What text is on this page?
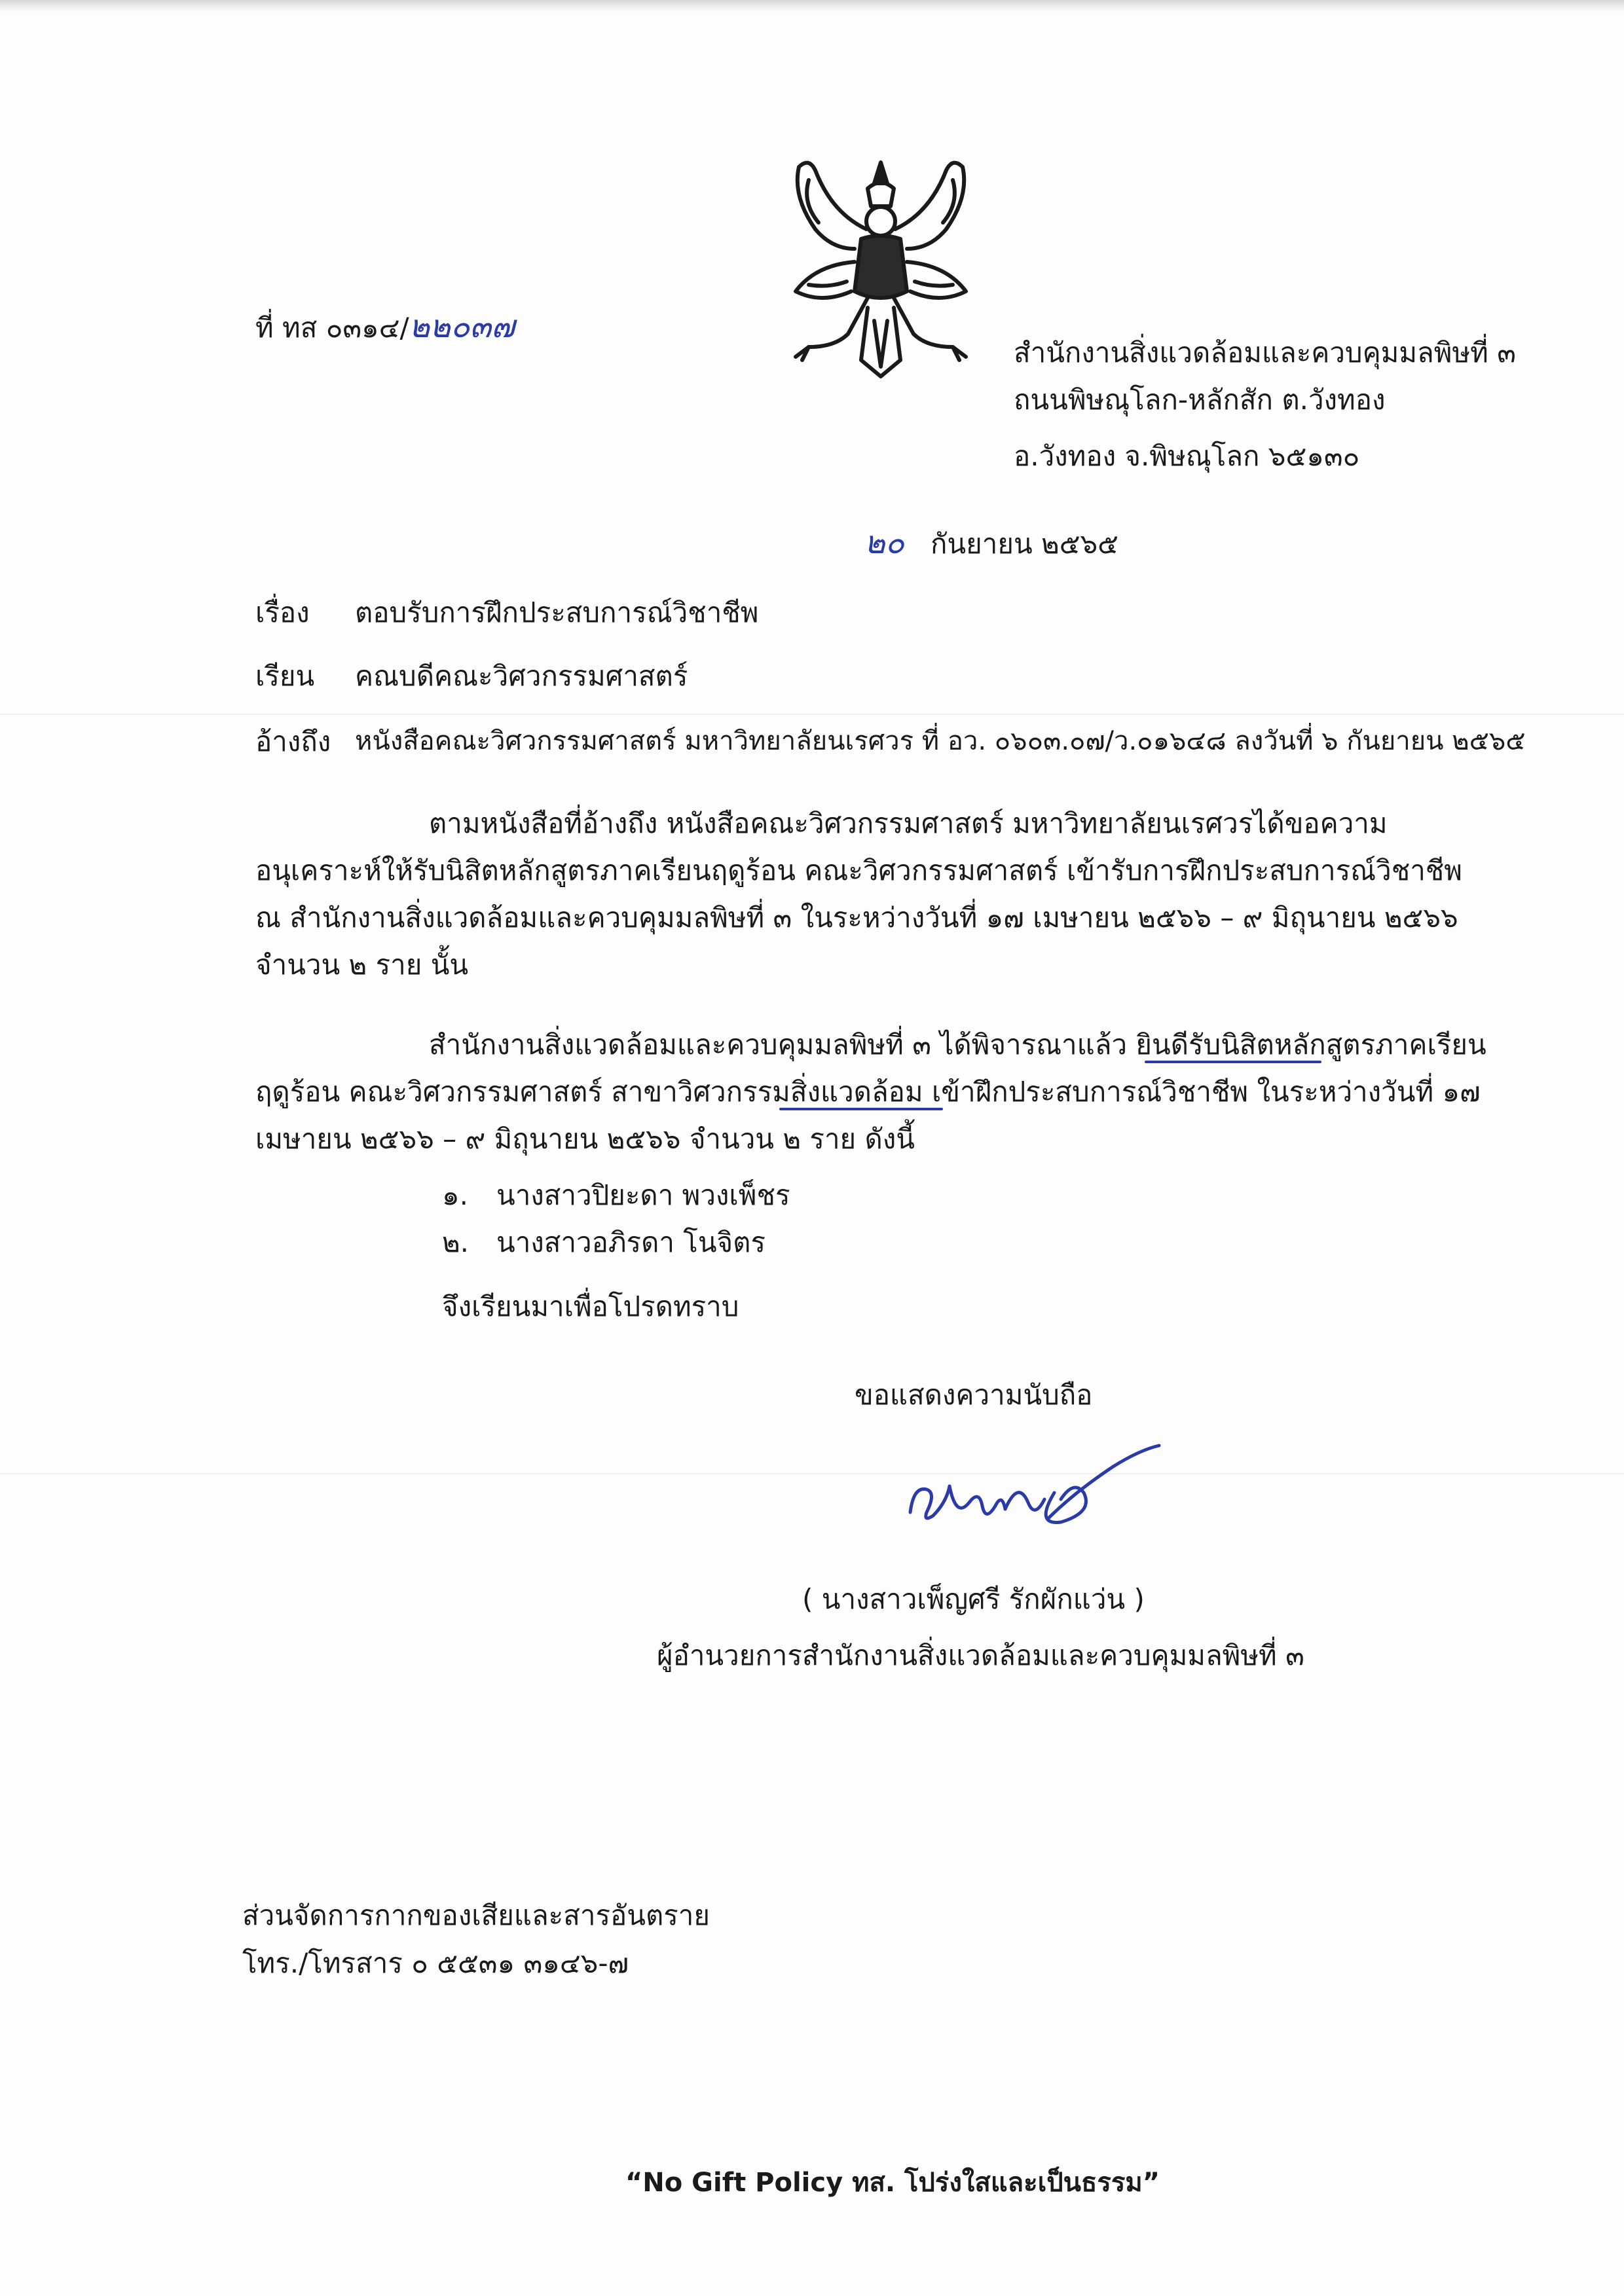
ที่ ทส ๐๓๑๔/๒๒๐๓๗
สำนักงานสิ่งแวดล้อมและควบคุมมลพิษที่ ๓
ถนนพิษณุโลก-หลักสัก ต.วังทอง
อ.วังทอง จ.พิษณุโลก ๖๕๑๓๐
๒๐ กันยายน ๒๕๖๕
เรื่อง ตอบรับการฝึกประสบการณ์วิชาชีพ
เรียน คณบดีคณะวิศวกรรมศาสตร์
อ้างถึง หนังสือคณะวิศวกรรมศาสตร์ มหาวิทยาลัยนเรศวร ที่ อว. ๐๖๐๓.๐๗/ว.๐๑๖๔๘ ลงวันที่ ๖ กันยายน ๒๕๖๕
ตามหนังสือที่อ้างถึง หนังสือคณะวิศวกรรมศาสตร์ มหาวิทยาลัยนเรศวรได้ขอความ
อนุเคราะห์ให้รับนิสิตหลักสูตรภาคเรียนฤดูร้อน คณะวิศวกรรมศาสตร์ เข้ารับการฝึกประสบการณ์วิชาชีพ
ณ สำนักงานสิ่งแวดล้อมและควบคุมมลพิษที่ ๓ ในระหว่างวันที่ ๑๗ เมษายน ๒๕๖๖ – ๙ มิถุนายน ๒๕๖๖
จำนวน ๒ ราย นั้น
สำนักงานสิ่งแวดล้อมและควบคุมมลพิษที่ ๓ ได้พิจารณาแล้ว ยินดีรับนิสิตหลักสูตรภาคเรียน
ฤดูร้อน คณะวิศวกรรมศาสตร์ สาขาวิศวกรรมสิ่งแวดล้อม เข้าฝึกประสบการณ์วิชาชีพ ในระหว่างวันที่ ๑๗
เมษายน ๒๕๖๖ – ๙ มิถุนายน ๒๕๖๖ จำนวน ๒ ราย ดังนี้
๑. นางสาวปิยะดา พวงเพ็ชร
๒. นางสาวอภิรดา โนจิตร
จึงเรียนมาเพื่อโปรดทราบ
ขอแสดงความนับถือ
( นางสาวเพ็ญศรี รักผักแว่น )
ผู้อำนวยการสำนักงานสิ่งแวดล้อมและควบคุมมลพิษที่ ๓
ส่วนจัดการกากของเสียและสารอันตราย
โทร./โทรสาร ๐ ๕๕๓๑ ๓๑๔๖-๗
“No Gift Policy ทส. โปร่งใสและเป็นธรรม”
